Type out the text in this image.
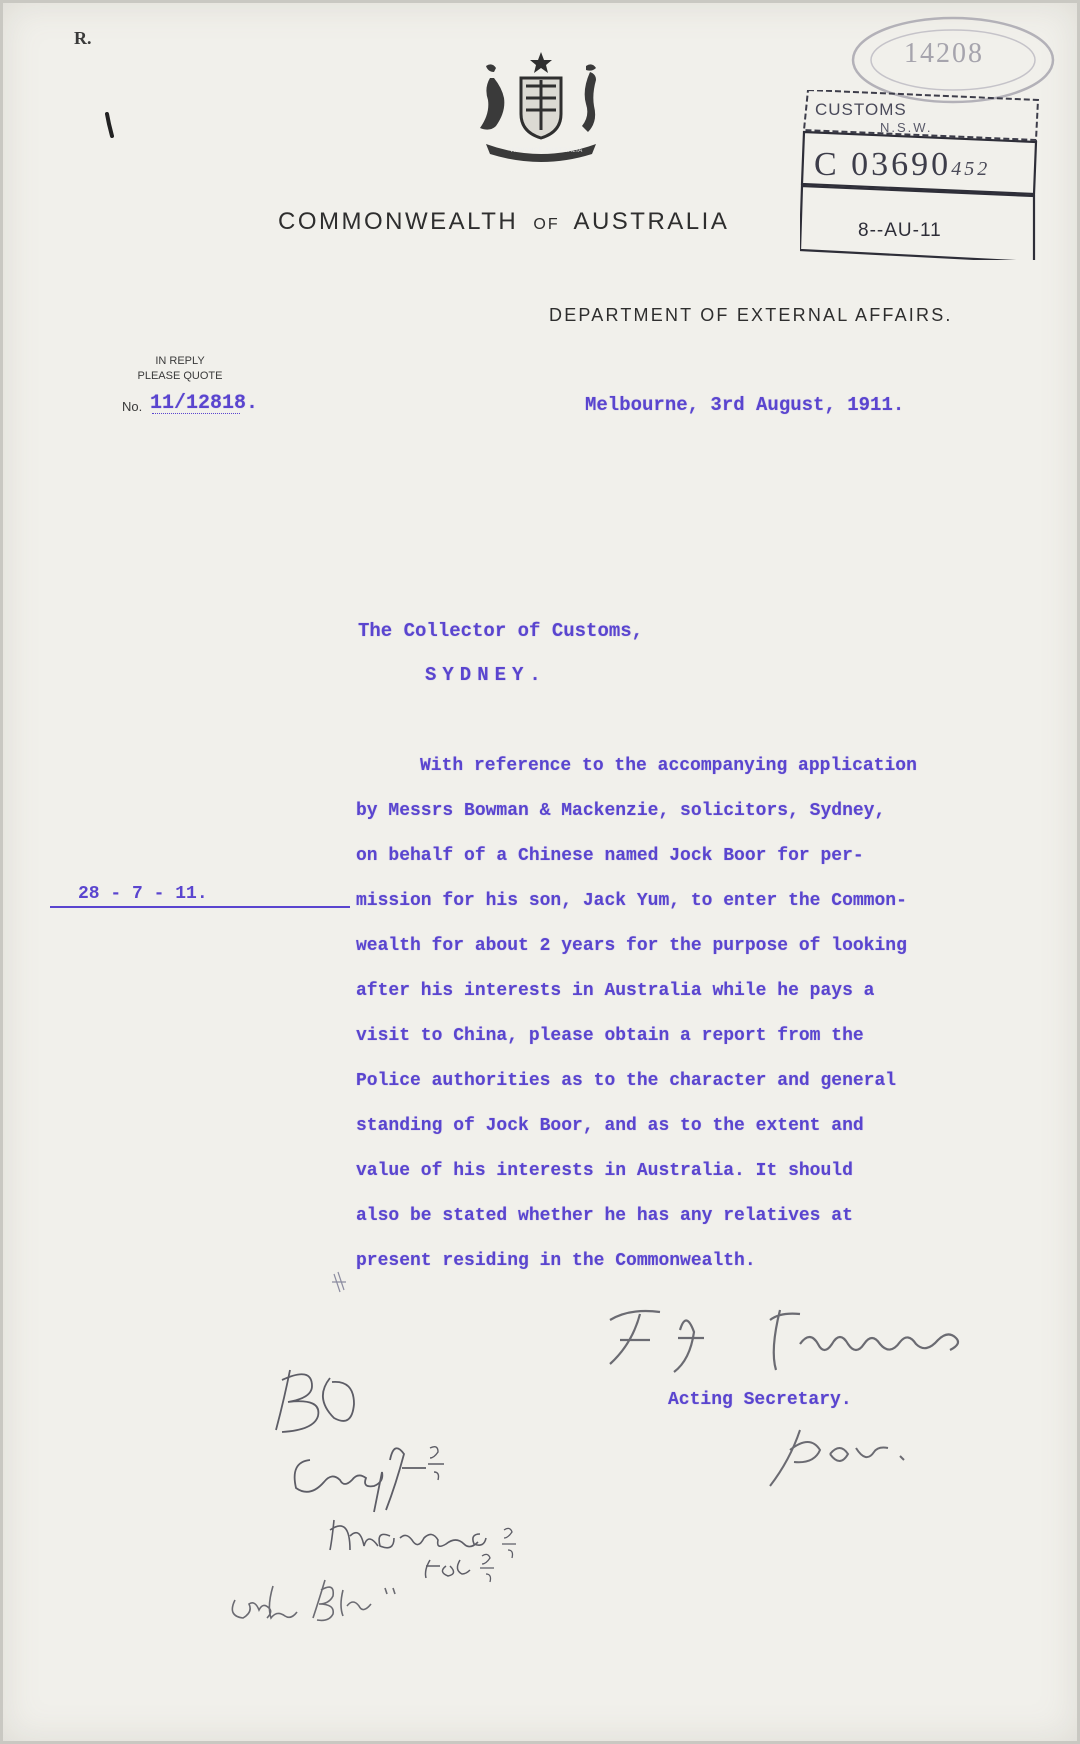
R.
ADVANCE AUSTRALIA
COMMONWEALTH OF AUSTRALIA
DEPARTMENT OF EXTERNAL AFFAIRS.
IN REPLY
PLEASE QUOTE
No. 11/12818.	Melbourne, 3rd August, 1911.
The Collector of Customs,
SYDNEY.
With reference to the accompanying application
by Messrs Bowman & Mackenzie, solicitors, Sydney,
on behalf of a Chinese named Jock Boor for per-
mission for his son, Jack Yum, to enter the Common-
wealth for about 2 years for the purpose of looking
after his interests in Australia while he pays a
visit to China, please obtain a report from the
Police authorities as to the character and general
standing of Jock Boor, and as to the extent and
value of his interests in Australia. It should
also be stated whether he has any relatives at
present residing in the Commonwealth.
28 - 7 - 11.
Acting Secretary.
14208
CUSTOMS
N.S.W.
C 03690452
8--AU-11
